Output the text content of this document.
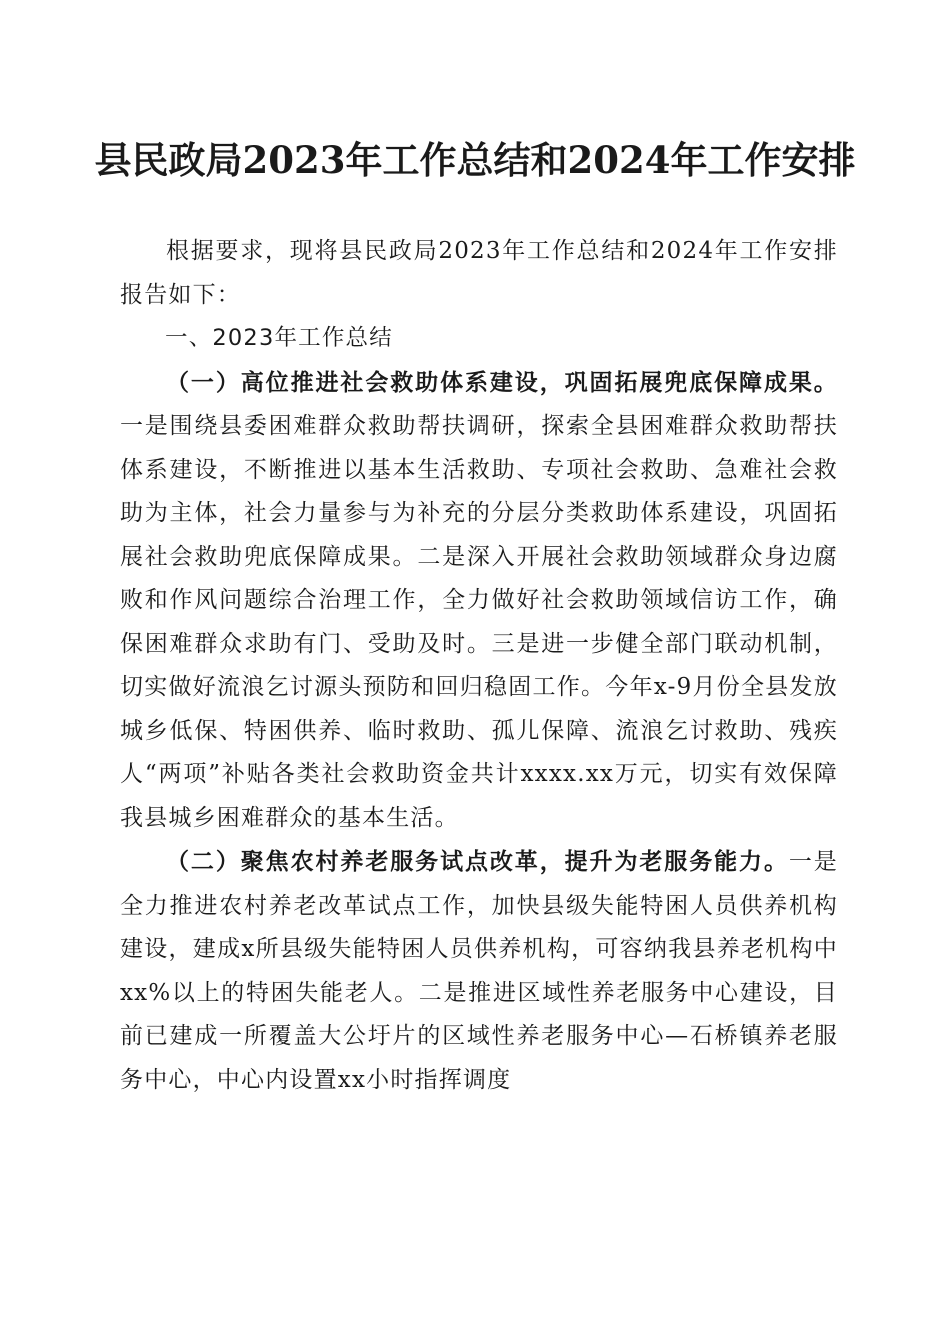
县民政局2023年工作总结和2024年工作安排

根据要求，现将县民政局2023年工作总结和2024年工作安排报告如下：

一、2023年工作总结

（一）高位推进社会救助体系建设，巩固拓展兜底保障成果。一是围绕县委困难群众救助帮扶调研，探索全县困难群众救助帮扶体系建设，不断推进以基本生活救助、专项社会救助、急难社会救助为主体，社会力量参与为补充的分层分类救助体系建设，巩固拓展社会救助兜底保障成果。二是深入开展社会救助领域群众身边腐败和作风问题综合治理工作，全力做好社会救助领域信访工作，确保困难群众求助有门、受助及时。三是进一步健全部门联动机制，切实做好流浪乞讨源头预防和回归稳固工作。今年x-9月份全县发放城乡低保、特困供养、临时救助、孤儿保障、流浪乞讨救助、残疾人“两项”补贴各类社会救助资金共计xxxx.xx万元，切实有效保障我县城乡困难群众的基本生活。

（二）聚焦农村养老服务试点改革，提升为老服务能力。一是全力推进农村养老改革试点工作，加快县级失能特困人员供养机构建设，建成x所县级失能特困人员供养机构，可容纳我县养老机构中xx%以上的特困失能老人。二是推进区域性养老服务中心建设，目前已建成一所覆盖大公圩片的区域性养老服务中心—石桥镇养老服务中心，中心内设置xx小时指挥调度
